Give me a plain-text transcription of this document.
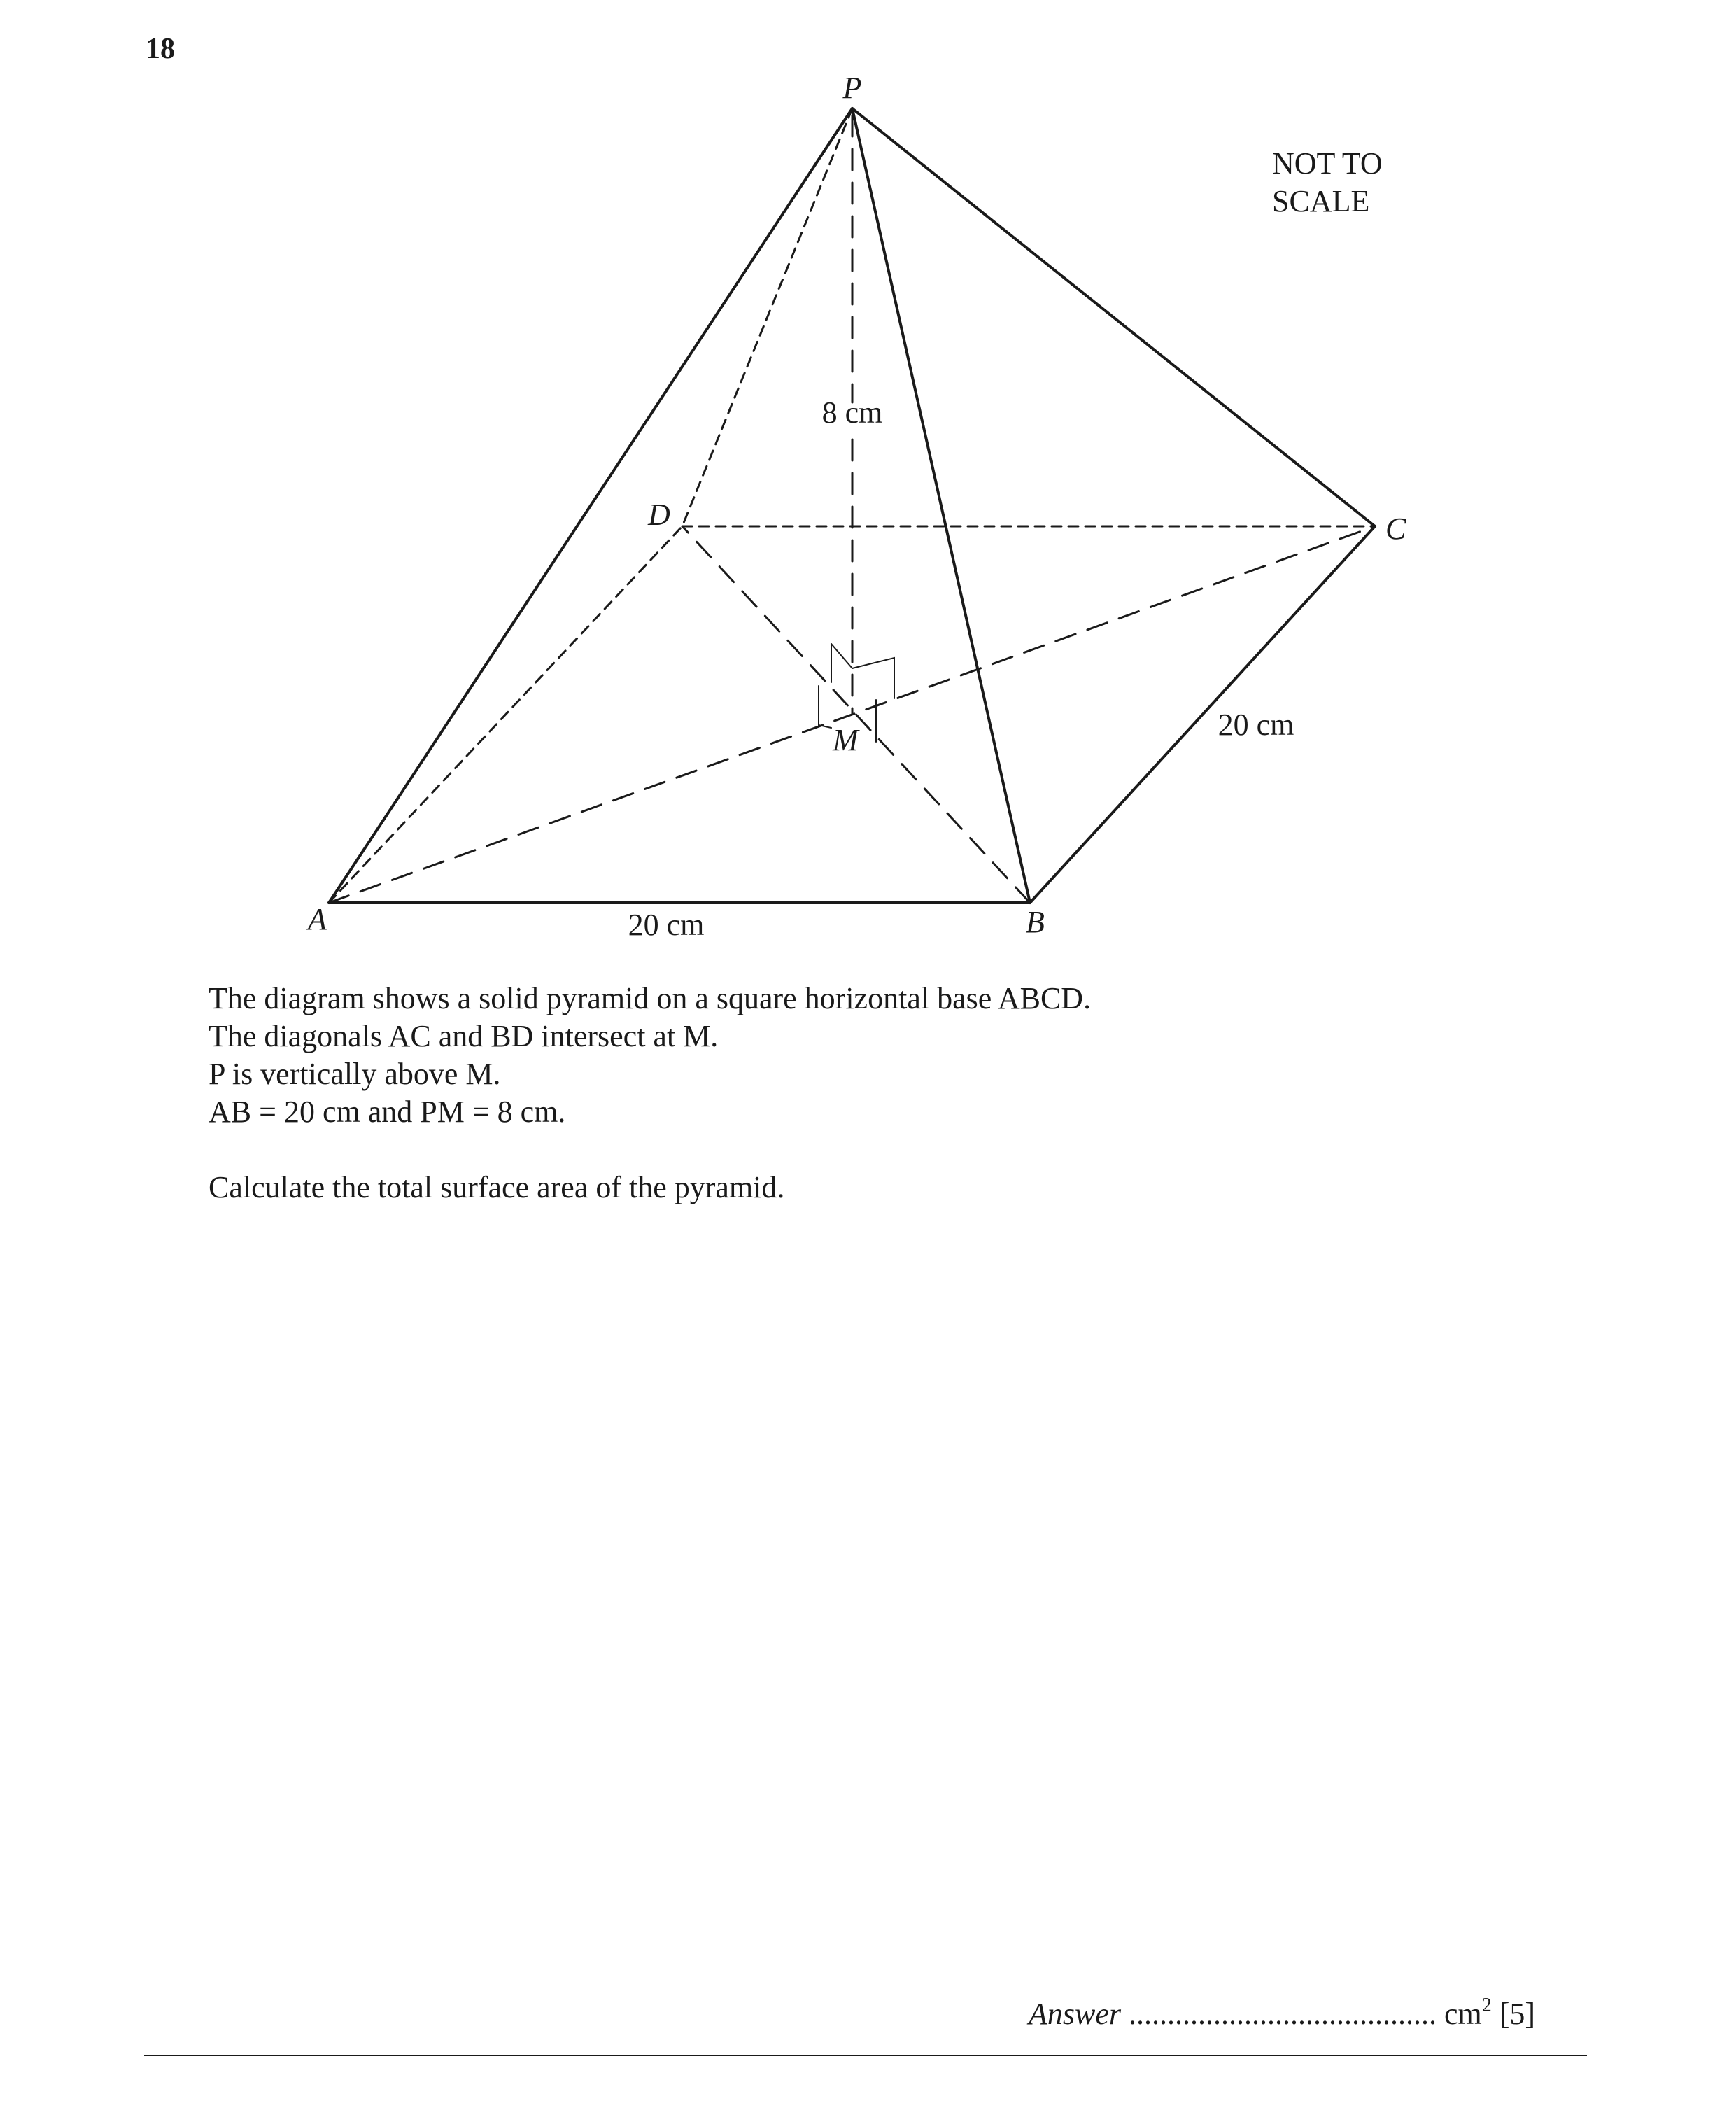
18
P
A	B
C
D
M
8 cm
20 cm
20 cm
NOT TO
SCALE
The diagram shows a solid pyramid on a square horizontal base ABCD.
The diagonals AC and BD intersect at M.
P is vertically above M.
AB = 20 cm and PM = 8 cm.
Calculate the total surface area of the pyramid.
Answer ........................................ $cm^2$ [5]
